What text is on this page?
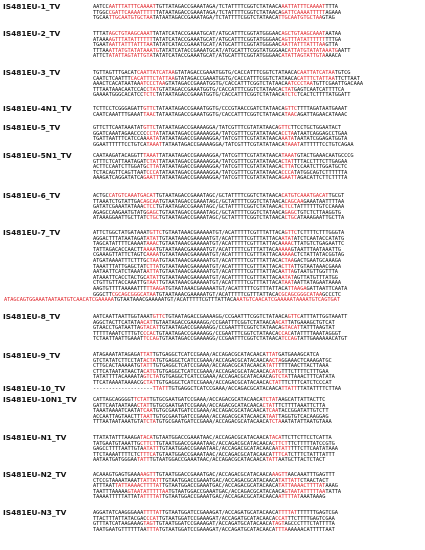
IS481EU-1_TV	AATCCAATTTATTTCAAAATTGTTATAGACCGAAATAGA/TCTATTTTCGGTCTATAACAAATTATTTCAAAATTTTA
TTGGCCGATTCAAAATTTTTTATAATAGACCGAAATAGA/TCTATTTTCGGTCTATAACAGATTCAAAATTTTTAGAAA
TGCAATTGCAATGTGCTAATATAATAGACCGAAATAGA/TCTATTTTCGGTCTATAACATTGCAATGTGCTAAGTAG
IS481EU-2_TV	TTTATAGCTGTAAGCAAATTATATCATACCGAAATGCAT/ATGCATTTCGGTATGGGAACAGCTGTAAGCAAATAATAA
ATAAAAGTTTATATTTTTTTATATCATACCGAAATGCAT/ATGCATTTCGGTATGGGAACAGTTTATATTTTTTTTTGA
TGAATAATTATTTATTTAATATATCATACCGAAATGCAT/ATGCATTTCGGTATGGGAACAATTATTTATTTAAGTTA
TTTAAATTATGTATATAAATGTATATCATACCGAAATGCAT/ATGCATTTCGGTATGGGAACATTATGTATATAAATGAATT
ATTCTATATTAGTATTGTATATATCATACCGAAATGCAT/ATGCATTTCGGTATGGGAACATATTAGTATTGTAAAACA
IS481EU-3_TV	TGTTAGTTTGACATCAATTATCATAAGTATAGACCGAAATGGTG/CACCATTTCGGTCTATAACACAATTATCATAATGTCG
CAATCTCAATTTCACATTTCTATTAAGTATAGACCGAAATGGTG/CACCATTTCGGTCTATAACACATTTCTATTAATTCTTAAT
AAACTCACATAATAAATCCCTAAGTATAGACCGAAATGGTG/CACCATTTCGGTCTATAACAATCCCTAATGTTCGAATTGACAAA
TTTAATAAACAATCCACCTATGTATAGACCGAAATGGTG/CACCATTTCGGTCTATAACACTATGAGTCAATCATTTTCA
GAAAATGGGCACATCCTCTCTATAATAGACCGAAATGGTG/CACCATTTCGGTCTATAACATCTCTCACTCTTTTATGGATT
IS481EU-4N1_TV	TCTTCCTCGGGAGATTGTTCTATAATAGACCGAAATGGTG/CCCGTAACCGATCTATAACAGTTCTTTTAGATAATGAAAT
CAATCAAATTTGAAATTAACTATAATAGACCGAAATGGTG/CACCATTTCGGTCTATAACATAACAGATTAGAACATAAAC
IS481EU-5_TV	GTTCTTCAATAAATATGTTCTATAATAGACCGAAAAGGA/TATCGTTTCGTATATAACAGTTCTTCCTGCTGGAATACT
GGATCAAATAGAACCCCCCTATATAATAGACCGAAAAGGA/TATCGTTTCGTATATAACACCTAATAATCAGGAGCCTGAA
TGATTAATTTCATCCAAAATATATAATAGACCGAAAAGGA/TATCGTTTCGTATATAACAAATATAATATCGGAGATGGTA
GGAATTTTTTCCTGTCATAAATTATAATAGACCGAAAAGGA/TATCGTTTCGTATATAACATAAATATTTTTTCCTGTCAGAA
IS481EU-5N1_TV	CAATAAGATACAGGTTTAAATTATAATAGACCGAAAAGGA/TATCGTTTCGTATATAACATAAATGTACTGAAACAATGCCCG
GTTTCTCATTAATAGATCTATTATAATAGACCGAAAAGGA/TATCGTTTCGTATATAACACTATTTTACCTTTCTTGAGAA
ACTTCCAATCTTGGATGCTTATATAATAGACCGAAAAGGA/TATCGTTTCGTATATAACACTTATCCAATCTTGGATGCTC
TCTACAGTTCAGTTAATCCCATATAATAGACCGAAAAGGA/TATCGTTTCGTATATAACACCCATATGGCAGTCTTTTTTA
AAAGATCAGGATATCAGAATTTATAATAGACCGAAAAGGA/TATCGTTTCGTATATAACAGAATTAGACATTCTTCTTTTA
IS481EU-6_TV	ACTGCCATGTCAAATGACATTGTAATAGACCGAAATAGC/GCTATTTTCGGTCTATAACACATGTCAAATGACATTGCGT
TTAAATCTGTATTGACAGCAATGTAATAGACCGAAATAGC/GCTATTTTCGGTCTATAACACAGCAAGAAATAATTTTAA
GATATCGAAATATAAACTCCTGTAATAGACCGAAATAGC/GCTATTTTCGGTCTATAACACTCCTATTTTTTGTCCAAAA
AGAGCCAAGAATGTATGGAGCTGTAATAGACCGAAATAGC/GCTATTTTCGGTCTATAACAGAGCTGTCTCTTAAGGTG
ATAAAGGAATTGCTTATCTGCTGTAATAGACCGAAATAGC/GCTATTTTCGGTCTATAACACTGCATAAAGAATTGCTTA
IS481EU-7_TV	ATTCTGGCTATGATAAATGTTCTGTAATAAACGAAAAATGT/ACATTTTTCGTTTATTACAGTTCTCTTTTCTTTGGGTA
AGGACTTTATAATAGATATATTGTAATAAACGAAAAATGT/ACATTTTTCGTTTATTACAATATATCTCAATACCATATG
TAGCATATTTTCAAAATAAACTGTAATAAACGAAAAATGT/ACATTTTTCGTTTATTACAAAACTTATGTCTGAGAATTC
TATTAGACACCAACTTAAAATGTAATAAACGAAAAATGT/ACATTTTTCGTTTATTACAAAAAGTAATTTAATAAATTG
CGAAAGTTATTCTAGTCAAAATGTAATAAACGAAAAATGT/ACATTTTTCGTTTATTACAAAAACTCTATTATACGGTAG
ATGATAAAATTTCTTTGCTAATGTAATAAACGAAAAATGT/ACATTTTTCGTTTATTACACTAAGACTGAATGCAAAGA
TAAATTTATTGAGCTATCTTATGTAATAAACGAAAAATGT/ACATTTTTCGTTTATTACACTTATTGTAATAAACGAAA
AATAATTCATCTAAATAATTATGTAATAAACGAAAAATGT/ACATTTTTCGTTTATTACAATTAGTAATGTTGGTTTA
ATAAATTCACCTACTGCATATTGTAATAAACGAAAAATGT/ACATTTTTCGTTTATTACAATATAGTTATGTTTATGG
CTGTTGTTACCAAATTGTAATTGTAATAAACGAAAAATGT/ACATTTTTCGTTTATTACATAATAATTATAGAATAAAA
AAGTGTTTTAAAAATTTTTAAGATGTAATAAACGAAAAATGT/ACATTTTTCGTTTATTACATTAAGAGATTAATTCAATA
GGGCTTCGCAGCGGGCATAATGTAATAAACGAAAAATGT/ACATTTTTCGTTTATTACACGCAGCGGGCATAAGCCCTC
ATAGCAGTGGAAATAATAATGTCAACATCGAAAAATGTAATAAACGAAAAATGT/ACATTTTTCGTTTATTACAAATGTCAACATCGAAAAATAAAATGTCAGTGAT
IS481EU-8_TV	AATCAATTAATTGGTAAATGTTCTGTAATAGACCGAAAAGG/CCGAATTTCGGTCTATAACAGTTCATTTATTGGTAAATT
AGGCTACTTCATATAACATTGTAATAGACCGAAAAGG/CCGAATTTCGGTCTATAACAACATTATGAAAGCTGTCAT
GTAACCTGATAATTAGTACATTGTAATAGACCGAAAAGG/CCGAATTTCGGTCTATAACAGTACATTATTTAAGTAT
TTTTTAAATCTTTGTCCCACTGTAATAGACCGAAAAGG/CCGAATTTCGGTCTATAACACCACATATTTTAAATAGGGT
TCTAATTAATTGAAATTCCAGTGTAATAGACCGAAAAGG/CCGAATTTCGGTCTATAACATCCAGTATTGAAAAAACATGT
IS481EU-9_TV	ATAGAAATATAGAGATTATTGTGAGGCTCATCCGAAA/ACCAGACGCATACAACATTATGATGAAAGCATCA
GTCTATATCTTCCTATACTATGTGAGGCTCATCCGAAA/ACCAGACGCATACAACAACTAGGAAACTCAAAGATGC
CTTGCACTAAAAATGTATTTGTGAGGCTCATCCGAAA/ACCAGACGCATACAACATATTTTTTAACTTACTTAAA
CTTCATAATATAACTACATGTGTGAGGCTCATCCGAAA/ACCAGACGCATACAACACATGTTTCTTTTCTTTGAA
TATATTTTACAAAATAGTCTATGTGAGGCTCATCCGAAA/ACCAGACGCATACAACAGTCTATTAAACTTTCATATA
TTCATAAAATAAAACGCTATTGTGAGGCTCATCCGAAA/ACCAGACGCATACAACACTATTTCTTTCATCTCCCAT
IS481EU-10_TV	-------------------TTATTTGTGAGGCTCATCCGAAA/ACCAGACGCATACAACATTATTTTATATTTTCTTAA
IS481EU-10N1_TV	CATTAGCAGGGGTTCTATTGTGCGAATGATCCGAAA/ACCAGACGCATACAACATCTATAAGCATTATTACTTC
GATTCAATAATAAACTATTGTGCGAATGATCCGAAA/ACCAGACGCATACAACACTATTTCTTTTAAATTCTTA
TAAATAAAATCAATATCAATGTGCGAATGATCCGAAA/ACCAGACGCATACAACATCAATACCGGATATTGTCTT
ACCAATTAGTAACTTTAATTGTGCGAATGATCCGAAA/ACCAGACGCATACAACATAATTAGGTGTCACAAGGAG
TTTAATAATAAATGTATCTATGTGCGAATGATCCGAAA/ACCAGACGCATACAACATCTAAATATATTAATGTAAA
IS481EU-N1_TV	TTATATATTTAAAGATACATGTAATGGACCGAAATAAC/ACCAGACGCATACAACATACATTCTTCTTCCTCATTA
TATGAATGTAAATTGCTTCTTGTAATGGACCGAAATAAC/ACCAGACGCATACAACACTTCTTTCTTTTTATCCGTG
GAGCCTTTTAATTGTAATATTTGTAATGGACCGAAATAAC/ACCAGACGCATACAACAATATTTTTCTTCAATATAAA
TTCTAAAATTTTCTCTTTCATGTAATGGACCGAAATAAC/ACCAGACGCATACAACATTTCATCTTTCTATTTATTT
AATAATGATGGGAATATTTGTAATGGACCGAAATAAC/ACCAGACGCATACAACATATTAATGCTTACTCTACT
IS481EU-N2_TV	ACAAAGTGAGTGAAAAAGTTTGTAATGGACCGAAATGAC/ACCAGACGCATACAACAAAGTTAACAAATTTGAGTTT
CTCCGTAAAATAAATTATTATTTGTAATGGACCGAAATGAC/ACCAGACGCATACAACATATTATTCTAACTACT
ATTTAATTATTAAAACTTTTATTGTAATGGACCGAAATGAC/ACCAGACGCATACAACATATTAAAACTTTTATAAAG
TAATTTAAAAAGTAATATTTTTAATGTAATGGACCGAAATGAC/ACCAGACGCATACAACAGTAATATTTTTAATATTA
TAAAATTTTTATTATATTTTATTGTAATGGACCGAAATGAC/ACCAGACGCATACAACAATTTTATAAATAAAG
IS481EU-N3_TV	AGGATATCAAGGGAAATTTTATTGTAATGGATCCGAAAGAT/ACCAGATGCATACAACATTTTATTTTTTTGAGTCGA
TTACTTTATTATACGACCCATTGTAATGGATCCGAAAGAT/ACCAGATGCATACAACACCATTTCTTTTGAGTCGAA
GTTTATCATAAGAAAGTAGTTGTAATGGATCCGAAAGAT/ACCAGATGCATACAACATAGTAGCCCTTTCTATTTTA
TAATGAATGTTTTTTAATTTATGTAATGGATCCGAAAGAT/ACCAGATGCATACAACATTTAAAAAACATTTTTAAT
